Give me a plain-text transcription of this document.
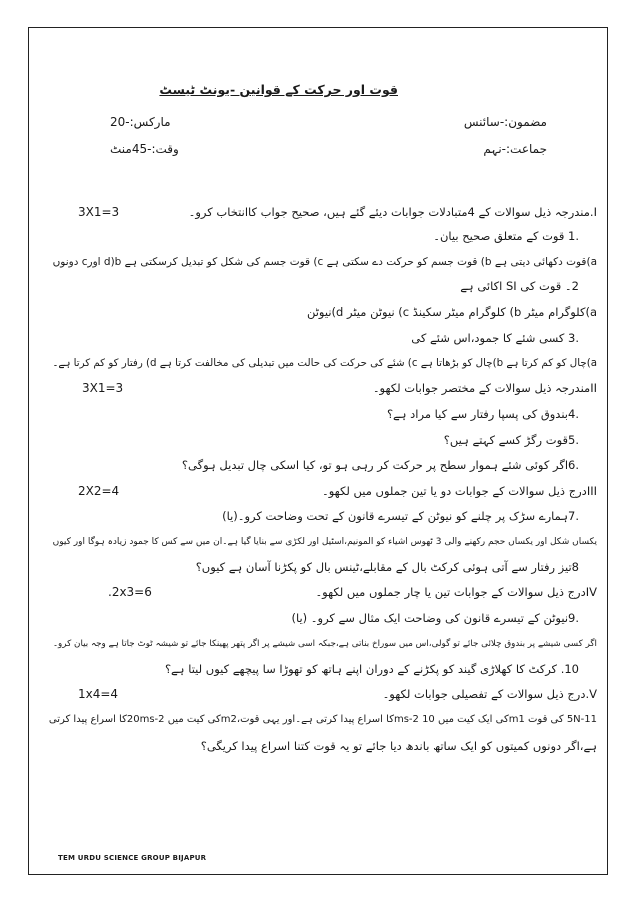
قوت اور حرکت کے قوانین -یونٹ ٹیسٹ
مضمون:-سائنس
مارکس:-20
جماعت:-نہم
وقت:-45منٹ
I.مندرجہ ذیل سوالات کے 4متبادلات جوابات دیئے گئے ہیں، صحیح جواب کاانتخاب کرو۔
3X1=3
.1 قوت کے متعلق صحیح بیان۔
a)قوت دکھائی دیتی ہے b) قوت جسم کو حرکت دے سکتی ہے c) قوت جسم کی شکل کو تبدیل کرسکتی ہے d)b اورc دونوں
2۔ قوت کی SI اکائی ہے
a)کلوگرام میٹر b) کلوگرام میٹر سکینڈ c) نیوٹن میٹر d)نیوٹن
.3 کسی شئے کا جمود،اس شئے کی
a)چال کو کم کرتا ہے b)چال کو بڑھاتا ہے c) شئے کی حرکت کی حالت میں تبدیلی کی مخالفت کرتا ہے d) رفتار کو کم کرتا ہے۔
IIمندرجہ ذیل سوالات کے مختصر جوابات لکھو۔
3X1=3
.4بندوق کی پسپا رفتار سے کیا مراد ہے؟
.5قوت رگڑ کسے کہتے ہیں؟
.6اگر کوئی شئے ہموار سطح پر حرکت کر رہی ہو تو، کیا اسکی چال تبدیل ہوگی؟
IIIدرج ذیل سوالات کے جوابات دو یا تین جملوں میں لکھو۔
2X2=4
.7ہمارے سڑک پر چلنے کو نیوٹن کے تیسرے قانون کے تحت وضاحت کرو۔(یا)
یکساں شکل اور یکساں حجم رکھنے والی 3 ٹھوس اشیاء کو المونیم،اسٹیل اور لکڑی سے بنایا گیا ہے۔ان میں سے کس کا جمود زیادہ ہوگا اور کیوں
8تیز رفتار سے آتی ہوئی کرکٹ بال کے مقابلے،ٹینس بال کو پکڑنا آسان ہے کیوں؟
IVدرج ذیل سوالات کے جوابات تین یا چار جملوں میں لکھو۔
.2x3=6
.9نیوٹن کے تیسرے قانون کی وضاحت ایک مثال سے کرو۔ (یا)
اگر کسی شیشے پر بندوق چلائی جائے تو گولی،اس میں سوراخ بناتی ہے،جبکہ اسی شیشے پر اگر پتھر پھینکا جائے تو شیشہ ٹوٹ جاتا ہے وجہ بیان کرو۔
10. کرکٹ کا کھلاڑی گیند کو پکڑنے کے دوران اپنے ہاتھ کو تھوڑا سا پیچھے کیوں لیتا ہے؟
V.درج ذیل سوالات کے تفصیلی جوابات لکھو۔
1x4=4
5N-11 کی قوت m1کی ایک کیت میں 10 ms-2کا اسراع پیدا کرتی ہے۔اور یہی قوت،m2کی کیت میں 20ms-2کا اسراع پیدا کرتی
ہے،اگر دونوں کمیتوں کو ایک ساتھ باندھ دیا جائے تو یہ قوت کتنا اسراع پیدا کریگی؟
TEM URDU SCIENCE GROUP BIJAPUR
